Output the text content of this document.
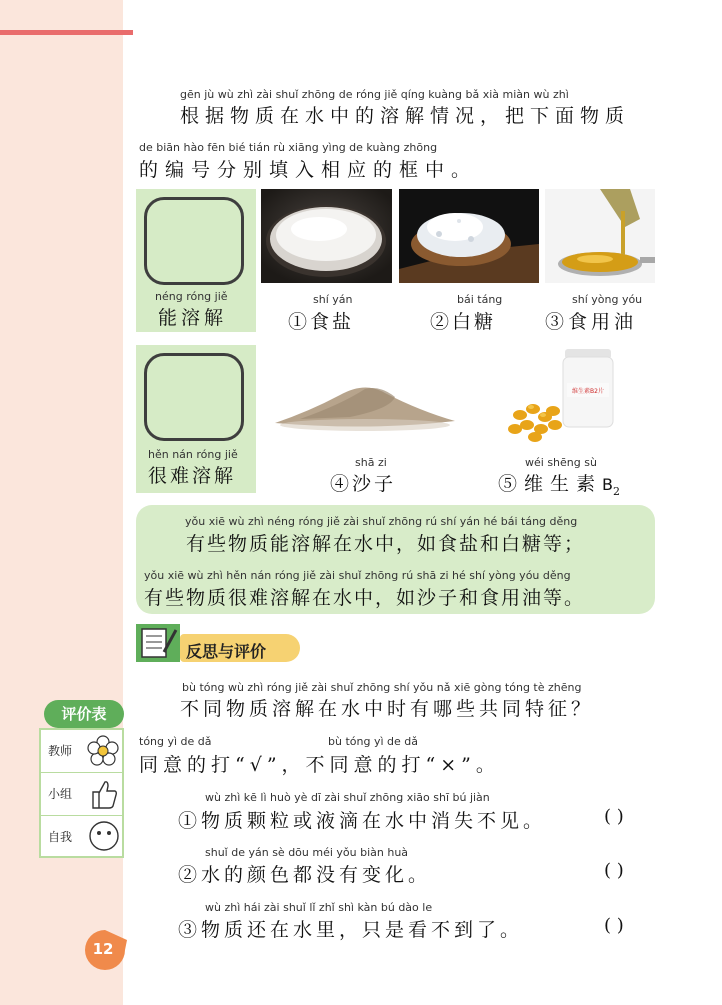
gēn jù wù zhì zài shuǐ zhōng de róng jiě qíng kuàng bǎ xià miàn wù zhì
根据物质在水中的溶解情况，把下面物质
de biān hào fēn bié tián rù xiāng yìng de kuàng zhōng
的编号分别填入相应的框中。
néng róng jiě
能溶解
hěn nán róng jiě
很难溶解
shí yán
①食盐
bái táng
②白糖
shí yòng yóu
③食用油
维生素B2片
shā zi
④沙子
wéi shēng sù
⑤维生素$B_2$
yǒu xiē wù zhì néng róng jiě zài shuǐ zhōng rú shí yán hé bái táng děng
有些物质能溶解在水中，如食盐和白糖等；
yǒu xiē wù zhì hěn nán róng jiě zài shuǐ zhōng rú shā zi hé shí yòng yóu děng
有些物质很难溶解在水中，如沙子和食用油等。
反思与评价
bù tóng wù zhì róng jiě zài shuǐ zhōng shí yǒu nǎ xiē gòng tóng tè zhēng
不同物质溶解在水中时有哪些共同特征？
tóng yì de dǎ	bù tóng yì de dǎ
同意的打“√”，不同意的打“×”。
wù zhì kē lì huò yè dī zài shuǐ zhōng xiāo shī bú jiàn
①物质颗粒或液滴在水中消失不见。	( )
shuǐ de yán sè dōu méi yǒu biàn huà
②水的颜色都没有变化。	( )
wù zhì hái zài shuǐ lǐ zhǐ shì kàn bú dào le
③物质还在水里，只是看不到了。	( )
评价表
教师
小组
自我
12
